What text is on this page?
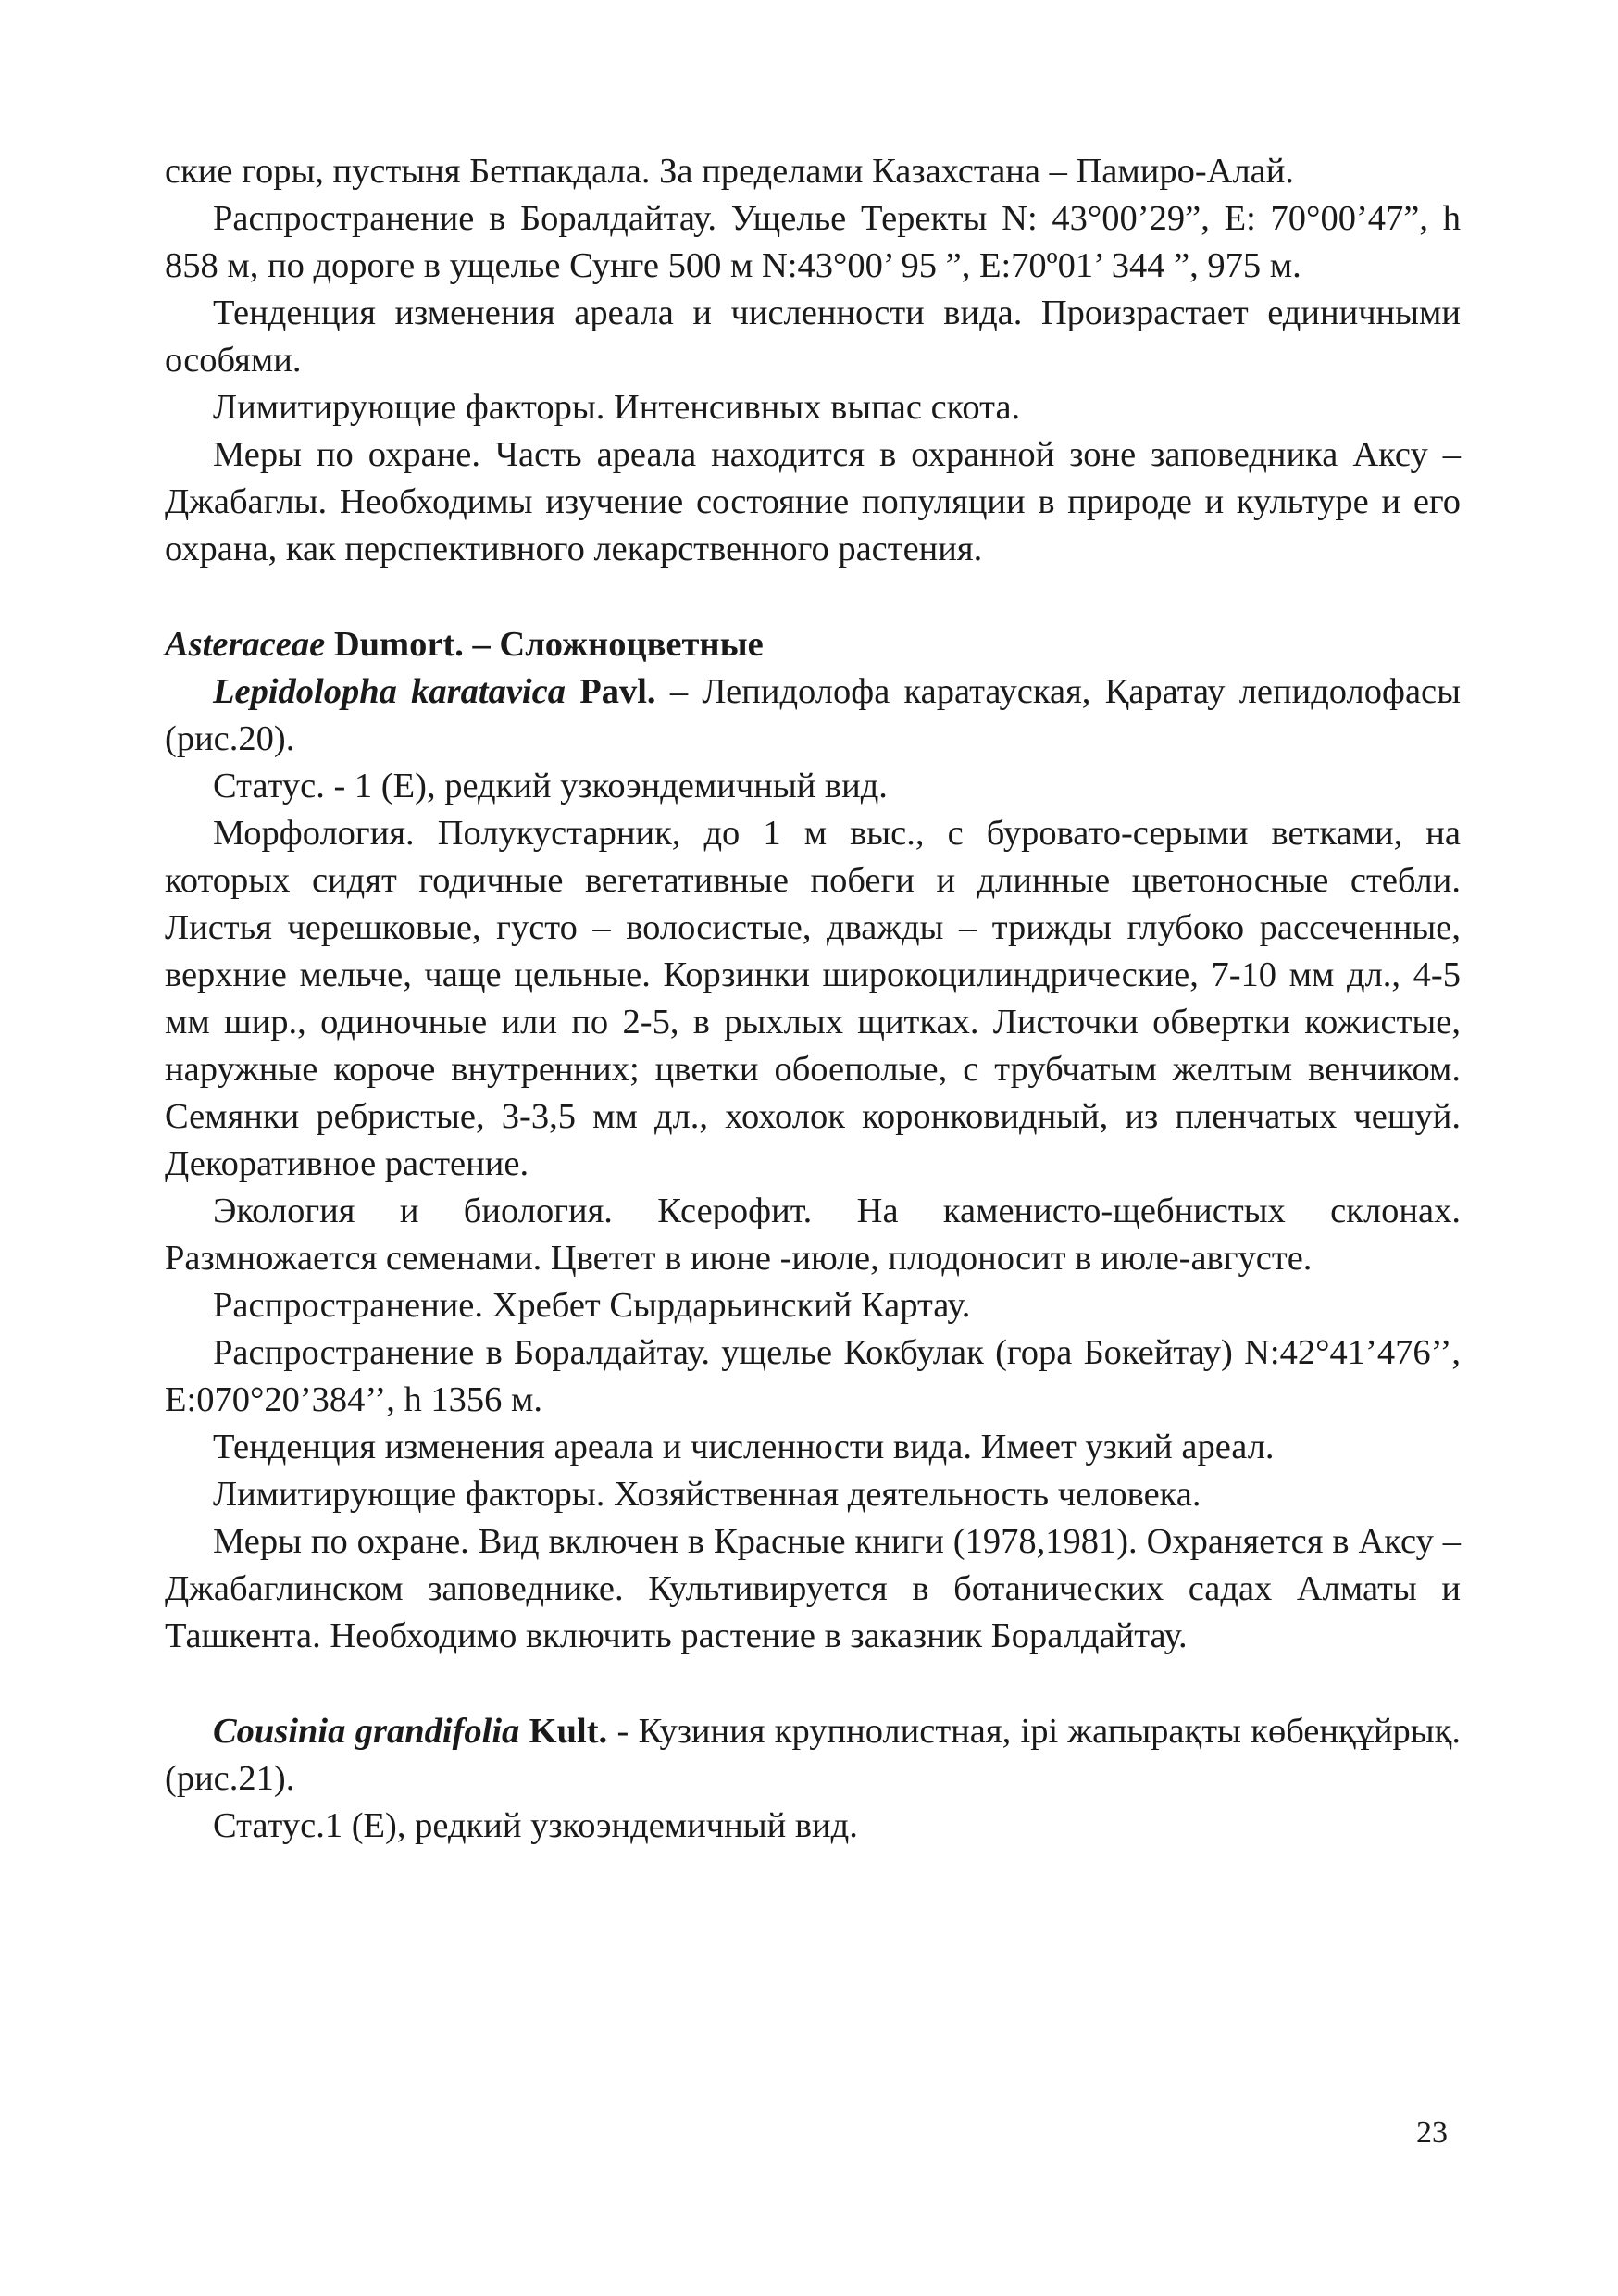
ские горы, пустыня Бетпакдала. За пределами Казахстана – Памиро-Алай.

Распространение в Боралдайтау. Ущелье Теректы N: 43°00’29”, E: 70°00’47”, h 858 м, по дороге в ущелье Сунге 500 м N:43°00’ 95 ”, E:70º01’ 344 ”, 975 м.

Тенденция изменения ареала и численности вида. Произрастает единичными особями.

Лимитирующие факторы. Интенсивных выпас скота.

Меры по охране. Часть ареала находится в охранной зоне заповедника Аксу – Джабаглы. Необходимы изучение состояние популяции в природе и культуре и его охрана, как перспективного лекарственного растения.

Asteraceae Dumort. – Сложноцветные

Lepidolopha karatavica Pavl. – Лепидолофа каратауская, Қаратау лепидолофасы (рис.20).

Статус. - 1 (E), редкий узкоэндемичный вид.

Морфология. Полукустарник, до 1 м выс., с буровато-серыми ветками, на которых сидят годичные вегетативные побеги и длинные цветоносные стебли. Листья черешковые, густо – волосистые, дважды – трижды глубоко рассеченные, верхние мельче, чаще цельные. Корзинки широкоцилиндрические, 7-10 мм дл., 4-5 мм шир., одиночные или по 2-5, в рыхлых щитках. Листочки обвертки кожистые, наружные короче внутренних; цветки обоеполые, с трубчатым желтым венчиком. Семянки ребристые, 3-3,5 мм дл., хохолок коронковидный, из пленчатых чешуй. Декоративное растение.

Экология и биология. Ксерофит. На каменисто-щебнистых склонах. Размножается семенами. Цветет в июне -июле, плодоносит в июле-августе.

Распространение. Хребет Сырдарьинский Картау.

Распространение в Боралдайтау. ущелье Кокбулак (гора Бокейтау) N:42°41’476’’, E:070°20’384’’, h 1356 м.

Тенденция изменения ареала и численности вида. Имеет узкий ареал.

Лимитирующие факторы. Хозяйственная деятельность человека.

Меры по охране. Вид включен в Красные книги (1978,1981). Охраняется в Аксу – Джабаглинском заповеднике. Культивируется в ботанических садах Алматы и Ташкента. Необходимо включить растение в заказник Боралдайтау.

Cousinia grandifolia Kult. - Кузиния крупнолистная, ірі жапырақты көбенқұйрық. (рис.21).

Статус.1 (E), редкий узкоэндемичный вид.

23
